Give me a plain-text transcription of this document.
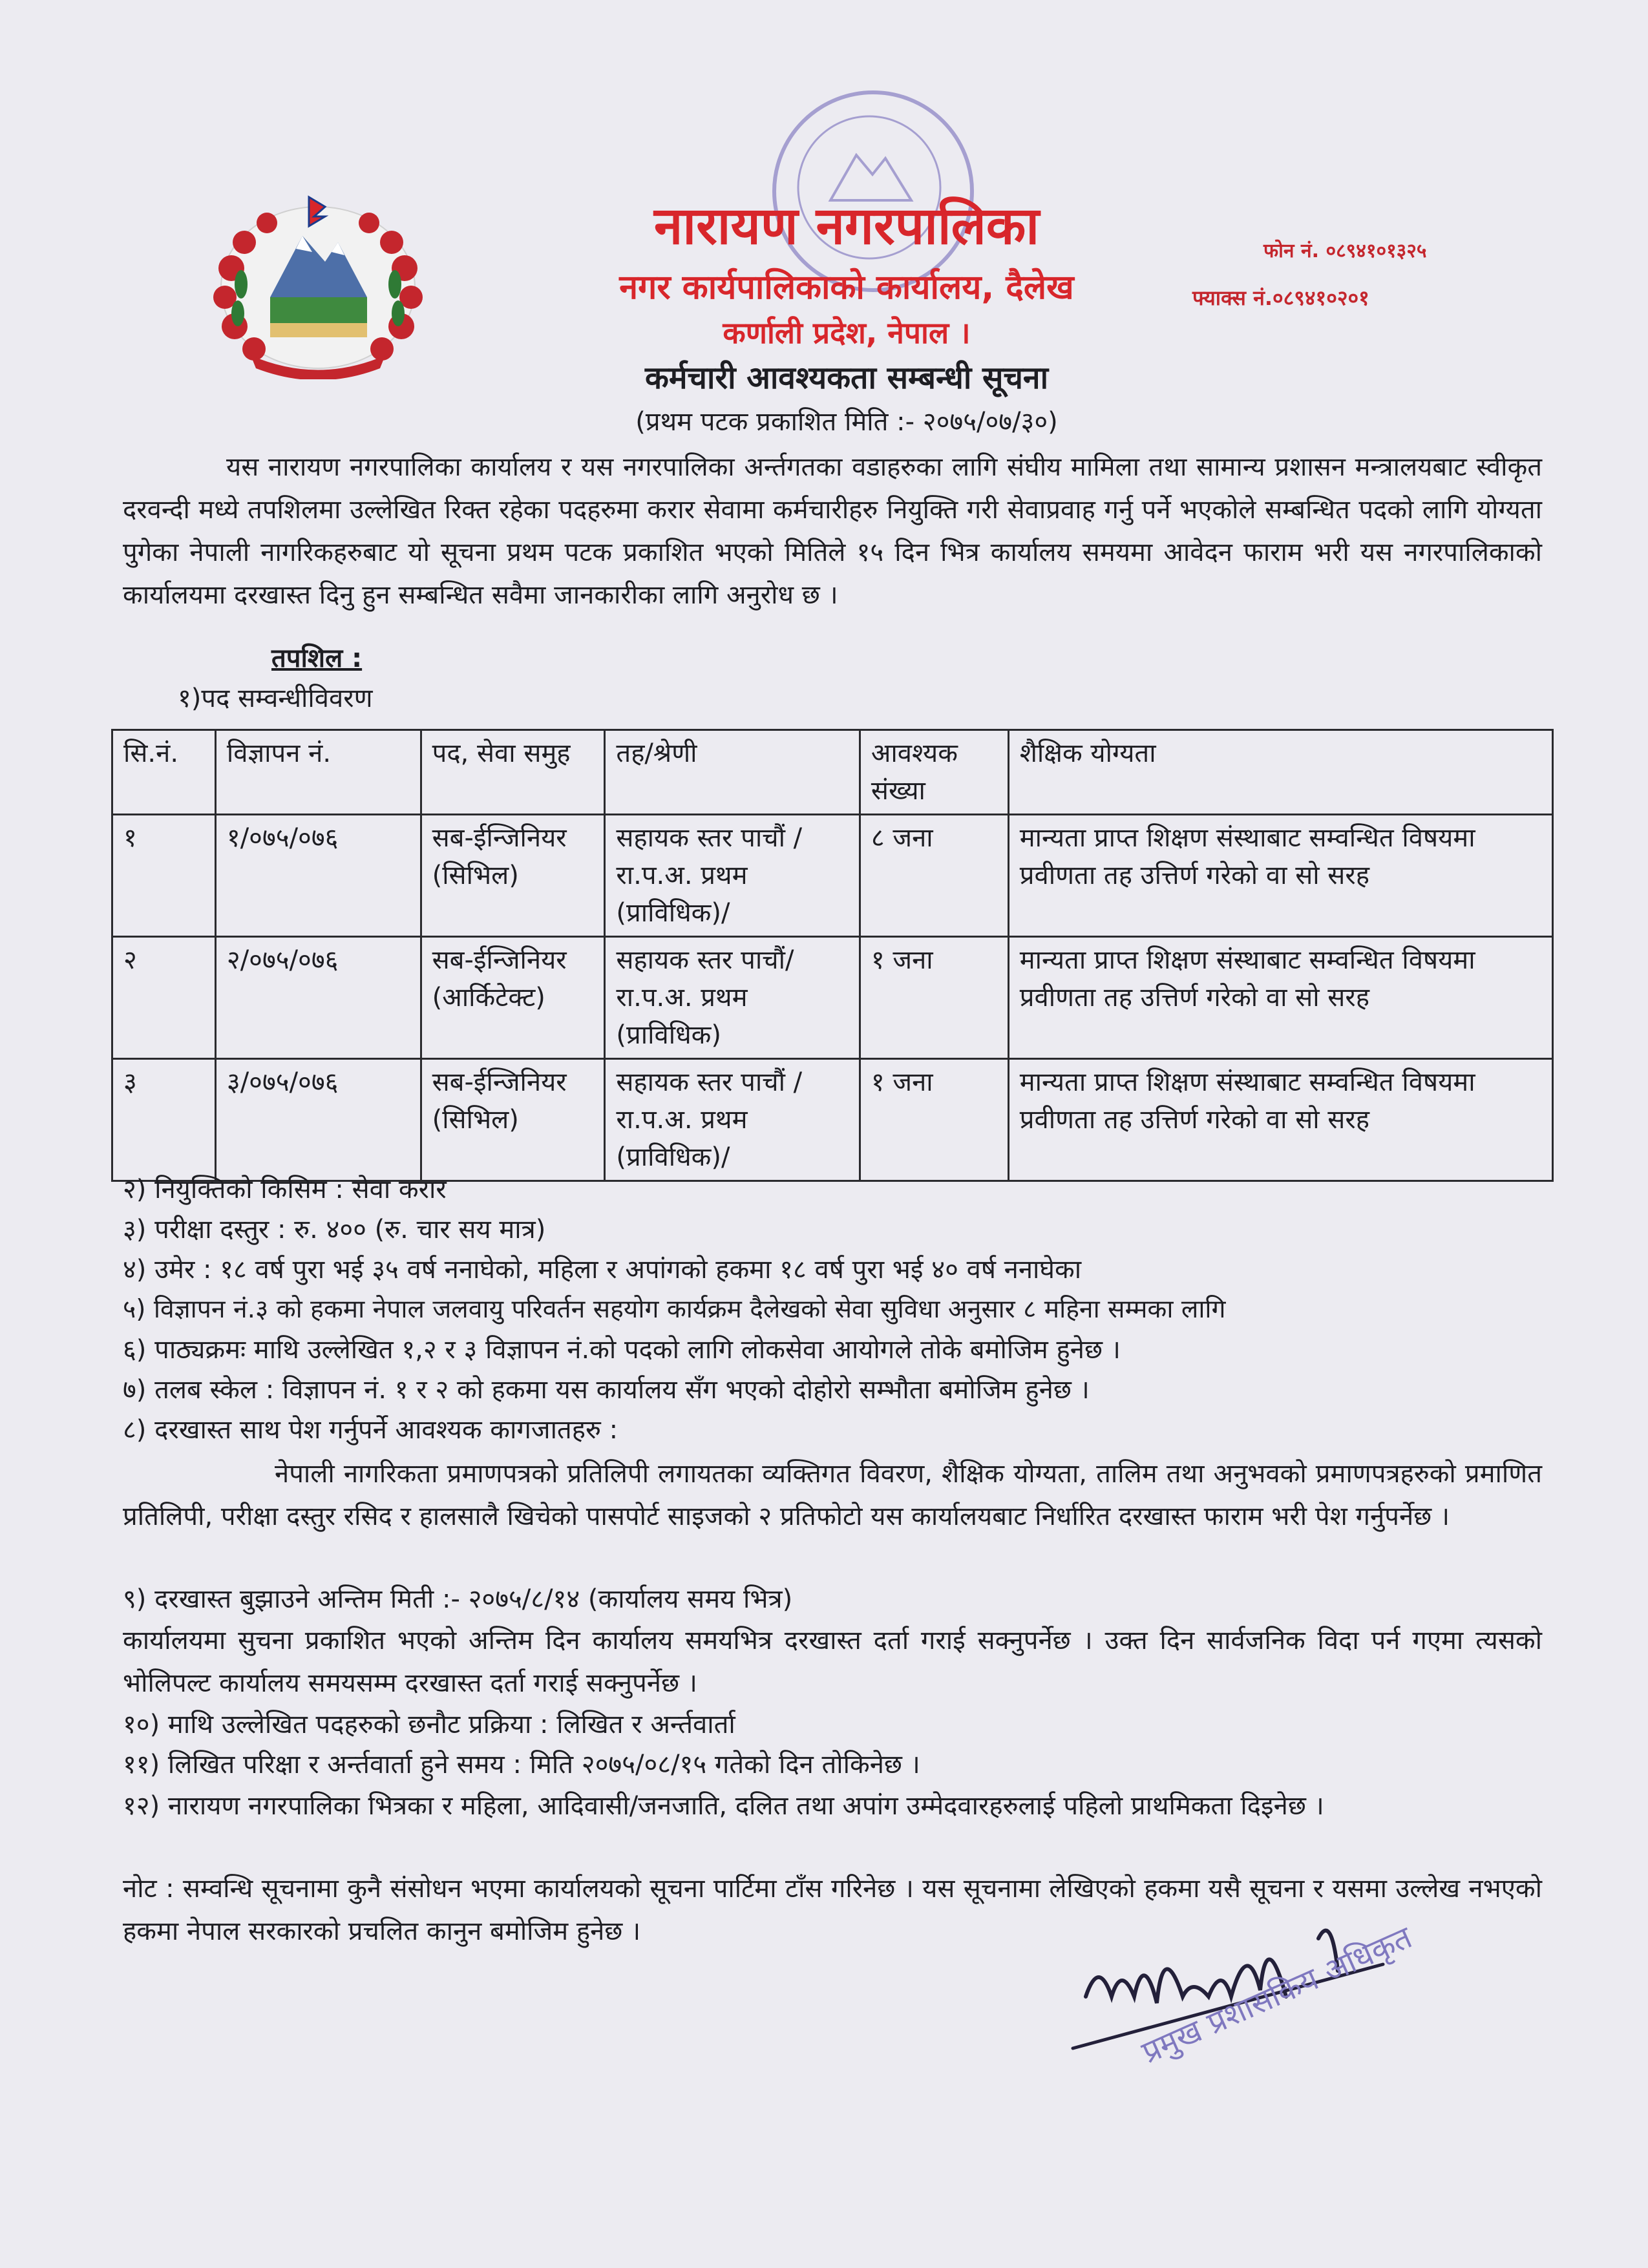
नारायण नगरपालिका
नगर कार्यपालिकाको कार्यालय, दैलेख
कर्णाली प्रदेश, नेपाल ।
फोन नं. ०८९४१०१३२५
फ्याक्स नं.०८९४१०२०१
कर्मचारी आवश्यकता सम्बन्धी सूचना
(प्रथम पटक प्रकाशित मिति :- २०७५/०७/३०)
यस नारायण नगरपालिका कार्यालय र यस नगरपालिका अर्न्तगतका वडाहरुका लागि संघीय मामिला तथा सामान्य प्रशासन मन्त्रालयबाट स्वीकृत दरवन्दी मध्ये तपशिलमा उल्लेखित रिक्त रहेका पदहरुमा करार सेवामा कर्मचारीहरु नियुक्ति गरी सेवाप्रवाह गर्नु पर्ने भएकोले सम्बन्धित पदको लागि योग्यता पुगेका नेपाली नागरिकहरुबाट यो सूचना प्रथम पटक प्रकाशित भएको मितिले १५ दिन भित्र कार्यालय समयमा आवेदन फाराम भरी यस नगरपालिकाको कार्यालयमा दरखास्त दिनु हुन सम्बन्धित सवैमा जानकारीका लागि अनुरोध छ ।
तपशिल :
१)पद सम्वन्धीविवरण
सि.नं.	विज्ञापन नं.	पद, सेवा समुह	तह/श्रेणी	आवश्यक संख्या	शैक्षिक योग्यता
१	१/०७५/०७६	सब-ईन्जिनियर (सिभिल)	सहायक स्तर पाचौं /रा.प.अ. प्रथम (प्राविधिक)/	८ जना	मान्यता प्राप्त शिक्षण संस्थाबाट सम्वन्धित विषयमा प्रवीणता तह उत्तिर्ण गरेको वा सो सरह
२	२/०७५/०७६	सब-ईन्जिनियर (आर्किटेक्ट)	सहायक स्तर पाचौं/रा.प.अ. प्रथम (प्राविधिक)	१ जना	मान्यता प्राप्त शिक्षण संस्थाबाट सम्वन्धित विषयमा प्रवीणता तह उत्तिर्ण गरेको वा सो सरह
३	३/०७५/०७६	सब-ईन्जिनियर (सिभिल)	सहायक स्तर पाचौं /रा.प.अ. प्रथम (प्राविधिक)/	१ जना	मान्यता प्राप्त शिक्षण संस्थाबाट सम्वन्धित विषयमा प्रवीणता तह उत्तिर्ण गरेको वा सो सरह
२) नियुक्तिको किसिम : सेवा करार
३) परीक्षा दस्तुर : रु. ४०० (रु. चार सय मात्र)
४) उमेर : १८ वर्ष पुरा भई ३५ वर्ष ननाघेको, महिला र अपांगको हकमा १८ वर्ष पुरा भई ४० वर्ष ननाघेका
५) विज्ञापन नं.३ को हकमा नेपाल जलवायु परिवर्तन सहयोग कार्यक्रम दैलेखको सेवा सुविधा अनुसार ८ महिना सम्मका लागि
६) पाठ्यक्रमः माथि उल्लेखित १,२ र ३ विज्ञापन नं.को पदको लागि लोकसेवा आयोगले तोके बमोजिम हुनेछ ।
७) तलब स्केल : विज्ञापन नं. १ र २ को हकमा यस कार्यालय सँग भएको दोहोरो सम्भौता बमोजिम हुनेछ ।
८) दरखास्त साथ पेश गर्नुपर्ने आवश्यक कागजातहरु :
नेपाली नागरिकता प्रमाणपत्रको प्रतिलिपी लगायतका व्यक्तिगत विवरण, शैक्षिक योग्यता, तालिम तथा अनुभवको प्रमाणपत्रहरुको प्रमाणित प्रतिलिपी, परीक्षा दस्तुर रसिद र हालसालै खिचेको पासपोर्ट साइजको २ प्रतिफोटो यस कार्यालयबाट निर्धारित दरखास्त फाराम भरी पेश गर्नुपर्नेछ ।
९) दरखास्त बुझाउने अन्तिम मिती :- २०७५/८/१४ (कार्यालय समय भित्र)
कार्यालयमा सुचना प्रकाशित भएको अन्तिम दिन कार्यालय समयभित्र दरखास्त दर्ता गराई सक्नुपर्नेछ । उक्त दिन सार्वजनिक विदा पर्न गएमा त्यसको भोलिपल्ट कार्यालय समयसम्म दरखास्त दर्ता गराई सक्नुपर्नेछ ।
१०) माथि उल्लेखित पदहरुको छनौट प्रक्रिया : लिखित र अर्न्तवार्ता
११) लिखित परिक्षा र अर्न्तवार्ता हुने समय : मिति २०७५/०८/१५ गतेको दिन तोकिनेछ ।
१२) नारायण नगरपालिका भित्रका र महिला, आदिवासी/जनजाति, दलित तथा अपांग उम्मेदवारहरुलाई पहिलो प्राथमिकता दिइनेछ ।
नोट : सम्वन्धि सूचनामा कुनै संसोधन भएमा कार्यालयको सूचना पार्टिमा टाँस गरिनेछ । यस सूचनामा लेखिएको हकमा यसै सूचना र यसमा उल्लेख नभएको हकमा नेपाल सरकारको प्रचलित कानुन बमोजिम हुनेछ ।	प्रमुख प्रशासकिय अधिकृत
